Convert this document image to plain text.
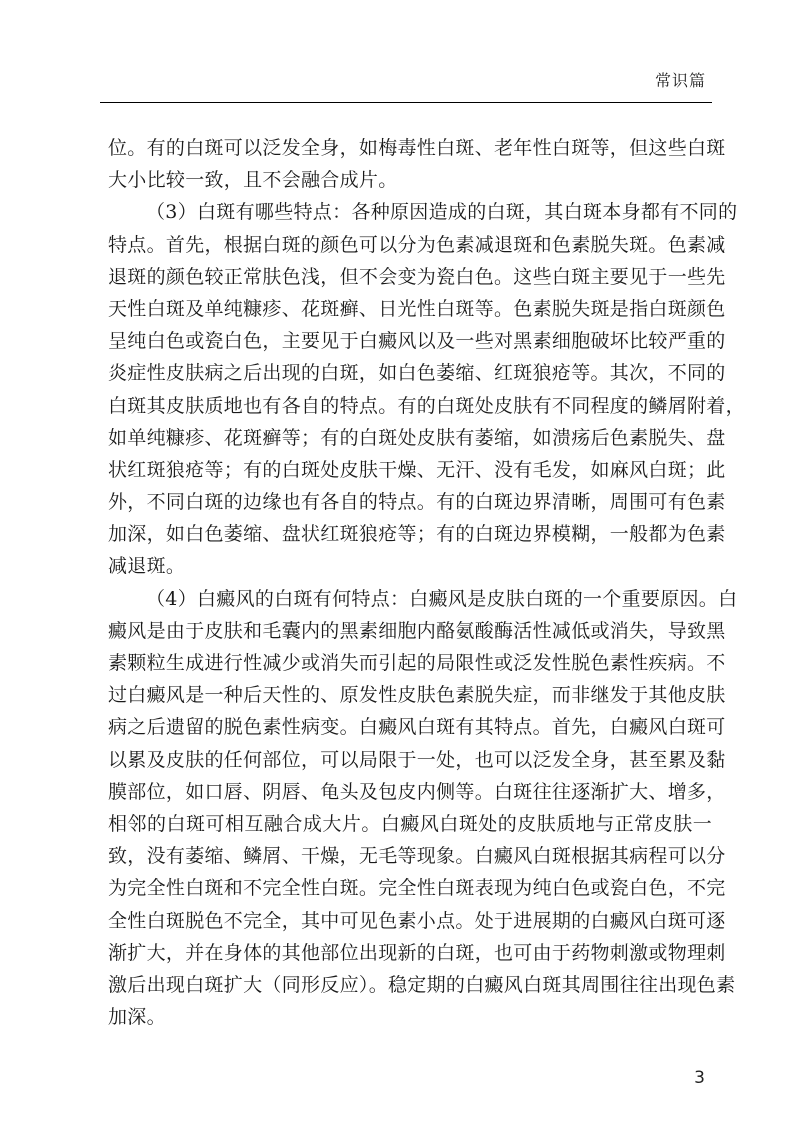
常识篇
位。有的白斑可以泛发全身，如梅毒性白斑、老年性白斑等，但这些白斑
大小比较一致，且不会融合成片。
（3）白斑有哪些特点：各种原因造成的白斑，其白斑本身都有不同的
特点。首先，根据白斑的颜色可以分为色素减退斑和色素脱失斑。色素减
退斑的颜色较正常肤色浅，但不会变为瓷白色。这些白斑主要见于一些先
天性白斑及单纯糠疹、花斑癣、日光性白斑等。色素脱失斑是指白斑颜色
呈纯白色或瓷白色，主要见于白癜风以及一些对黑素细胞破坏比较严重的
炎症性皮肤病之后出现的白斑，如白色萎缩、红斑狼疮等。其次，不同的
白斑其皮肤质地也有各自的特点。有的白斑处皮肤有不同程度的鳞屑附着，
如单纯糠疹、花斑癣等；有的白斑处皮肤有萎缩，如溃疡后色素脱失、盘
状红斑狼疮等；有的白斑处皮肤干燥、无汗、没有毛发，如麻风白斑；此
外，不同白斑的边缘也有各自的特点。有的白斑边界清晰，周围可有色素
加深，如白色萎缩、盘状红斑狼疮等；有的白斑边界模糊，一般都为色素
减退斑。
（4）白癜风的白斑有何特点：白癜风是皮肤白斑的一个重要原因。白
癜风是由于皮肤和毛囊内的黑素细胞内酪氨酸酶活性减低或消失，导致黑
素颗粒生成进行性减少或消失而引起的局限性或泛发性脱色素性疾病。不
过白癜风是一种后天性的、原发性皮肤色素脱失症，而非继发于其他皮肤
病之后遗留的脱色素性病变。白癜风白斑有其特点。首先，白癜风白斑可
以累及皮肤的任何部位，可以局限于一处，也可以泛发全身，甚至累及黏
膜部位，如口唇、阴唇、龟头及包皮内侧等。白斑往往逐渐扩大、增多，
相邻的白斑可相互融合成大片。白癜风白斑处的皮肤质地与正常皮肤一
致，没有萎缩、鳞屑、干燥，无毛等现象。白癜风白斑根据其病程可以分
为完全性白斑和不完全性白斑。完全性白斑表现为纯白色或瓷白色，不完
全性白斑脱色不完全，其中可见色素小点。处于进展期的白癜风白斑可逐
渐扩大，并在身体的其他部位出现新的白斑，也可由于药物刺激或物理刺
激后出现白斑扩大（同形反应）。稳定期的白癜风白斑其周围往往出现色素
加深。
3
